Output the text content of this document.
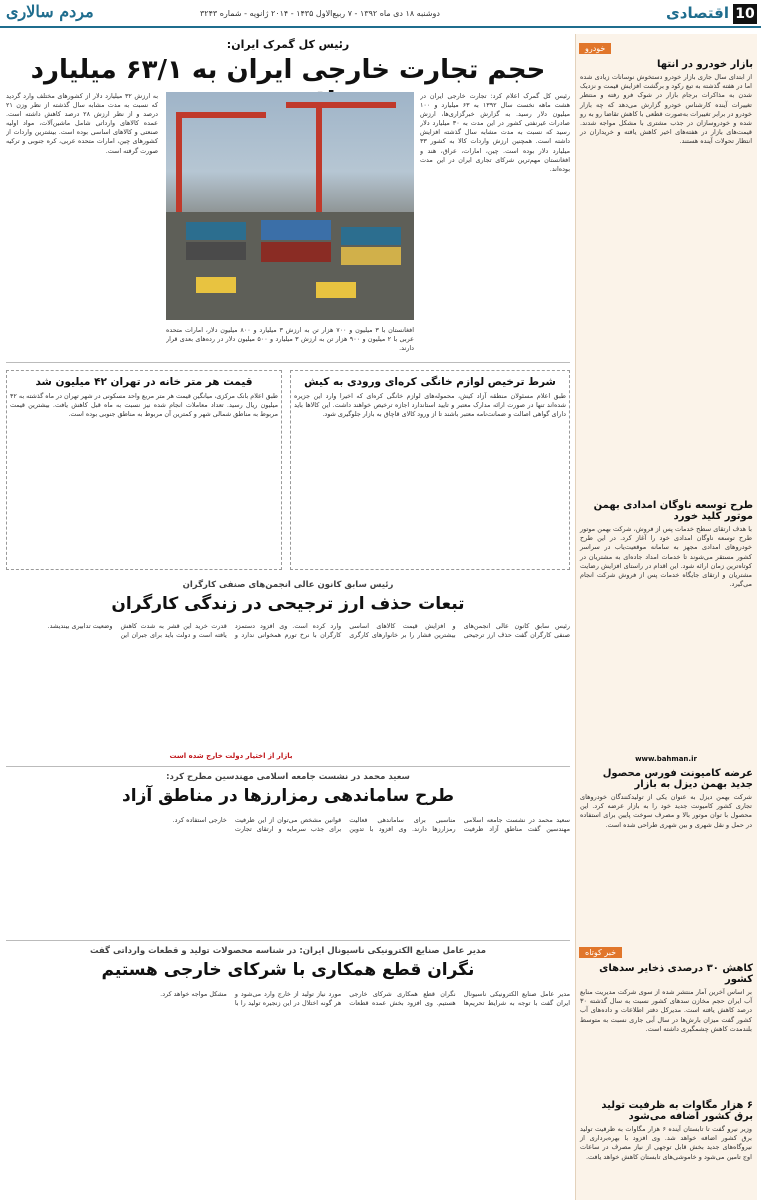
10
اقتصادی
دوشنبه ۱۸ دی ماه ۱۳۹۲ - ۷ ربیع‌الاول ۱۴۳۵ - ۲۰۱۴ ژانویه - شماره ۳۲۴۳
مردم سالاری
خودرو
بازار خودرو در انتها
از ابتدای سال جاری بازار خودرو دستخوش نوسانات زیادی شده اما در هفته گذشته به تبع رکود و برگشت افزایش قیمت و نزدیک شدن به مذاکرات برجام بازار در شوک فرو رفته و منتظر تغییرات آینده کارشناس خودرو گزارش می‌دهد که چه بازار خودرو در برابر تغییرات به‌صورت قطعی با کاهش تقاضا رو به رو شده و خودروسازان در جذب مشتری با مشکل مواجه شدند. قیمت‌های بازار در هفته‌های اخیر کاهش یافته و خریداران در انتظار تحولات آینده هستند.
طرح توسعه ناوگان امدادی بهمن موتور کلید خورد
با هدف ارتقای سطح خدمات پس از فروش، شرکت بهمن موتور طرح توسعه ناوگان امدادی خود را آغاز کرد. در این طرح خودروهای امدادی مجهز به سامانه موقعیت‌یاب در سراسر کشور مستقر می‌شوند تا خدمات امداد جاده‌ای به مشتریان در کوتاه‌ترین زمان ارائه شود. این اقدام در راستای افزایش رضایت مشتریان و ارتقای جایگاه خدمات پس از فروش شرکت انجام می‌گیرد.
www.bahman.ir
عرضه کامیونت فورس محصول جدید بهمن دیزل به بازار
شرکت بهمن دیزل به عنوان یکی از تولیدکنندگان خودروهای تجاری کشور کامیونت جدید خود را به بازار عرضه کرد. این محصول با توان موتور بالا و مصرف سوخت پایین برای استفاده در حمل و نقل شهری و بین شهری طراحی شده است.
خبر کوتاه
کاهش ۳۰ درصدی ذخایر سدهای کشور
بر اساس آخرین آمار منتشر شده از سوی شرکت مدیریت منابع آب ایران حجم مخازن سدهای کشور نسبت به سال گذشته ۳۰ درصد کاهش یافته است. مدیرکل دفتر اطلاعات و داده‌های آب کشور گفت میزان بارش‌ها در سال آبی جاری نسبت به متوسط بلندمدت کاهش چشمگیری داشته است.
۶ هزار مگاوات به ظرفیت تولید برق کشور اضافه می‌شود
وزیر نیرو گفت تا تابستان آینده ۶ هزار مگاوات به ظرفیت تولید برق کشور اضافه خواهد شد. وی افزود با بهره‌برداری از نیروگاه‌های جدید بخش قابل توجهی از نیاز مصرف در ساعات اوج تامین می‌شود و خاموشی‌های تابستان کاهش خواهد یافت.
رئیس کل گمرک ایران:
حجم تجارت خارجی ایران به ۶۳/۱ میلیارد
رئیس کل گمرک اعلام کرد: تجارت خارجی ایران در هشت ماهه نخست سال ۱۳۹۲ به ۶۳ میلیارد و ۱۰۰ میلیون دلار رسید. به گزارش خبرگزاری‌ها، ارزش صادرات غیرنفتی کشور در این مدت به ۳۰ میلیارد دلار رسید که نسبت به مدت مشابه سال گذشته افزایش داشته است. همچنین ارزش واردات کالا به کشور ۳۳ میلیارد دلار بوده است. چین، امارات، عراق، هند و افغانستان مهم‌ترین شرکای تجاری ایران در این مدت بوده‌اند.
به ارزش ۳۲ میلیارد دلار از کشورهای مختلف وارد گردید که نسبت به مدت مشابه سال گذشته از نظر وزن ۲۱ درصد و از نظر ارزش ۲۸ درصد کاهش داشته است. عمده کالاهای وارداتی شامل ماشین‌آلات، مواد اولیه صنعتی و کالاهای اساسی بوده است. بیشترین واردات از کشورهای چین، امارات متحده عربی، کره جنوبی و ترکیه صورت گرفته است.
افغانستان با ۳ میلیون و ۷۰۰ هزار تن به ارزش ۳ میلیارد و ۸۰۰ میلیون دلار، امارات متحده عربی با ۲ میلیون و ۹۰۰ هزار تن به ارزش ۳ میلیارد و ۵۰۰ میلیون دلار در رده‌های بعدی قرار دارند.
شرط ترخیص لوازم خانگی کره‌ای ورودی به کیش
طبق اعلام مسئولان منطقه آزاد کیش، محموله‌های لوازم خانگی کره‌ای که اخیرا وارد این جزیره شده‌اند تنها در صورت ارائه مدارک معتبر و تایید استاندارد اجازه ترخیص خواهند داشت. این کالاها باید دارای گواهی اصالت و ضمانت‌نامه معتبر باشند تا از ورود کالای قاچاق به بازار جلوگیری شود.
قیمت هر متر خانه در تهران ۴۲ میلیون شد
طبق اعلام بانک مرکزی، میانگین قیمت هر متر مربع واحد مسکونی در شهر تهران در ماه گذشته به ۴۲ میلیون ریال رسید. تعداد معاملات انجام شده نیز نسبت به ماه قبل کاهش یافت. بیشترین قیمت مربوط به مناطق شمالی شهر و کمترین آن مربوط به مناطق جنوبی بوده است.
رئیس سابق کانون عالی انجمن‌های صنفی کارگران
تبعات حذف ارز ترجیحی در زندگی کارگران
رئیس سابق کانون عالی انجمن‌های صنفی کارگران گفت حذف ارز ترجیحی و افزایش قیمت کالاهای اساسی بیشترین فشار را بر خانوارهای کارگری وارد کرده است. وی افزود دستمزد کارگران با نرخ تورم همخوانی ندارد و قدرت خرید این قشر به شدت کاهش یافته است و دولت باید برای جبران این وضعیت تدابیری بیندیشد.
بازار از اختیار دولت خارج شده است
سعید محمد در نشست جامعه اسلامی مهندسین مطرح کرد:
طرح ساماندهی رمزارزها در مناطق آزاد
سعید محمد در نشست جامعه اسلامی مهندسین گفت مناطق آزاد ظرفیت مناسبی برای ساماندهی فعالیت رمزارزها دارند. وی افزود با تدوین قوانین مشخص می‌توان از این ظرفیت برای جذب سرمایه و ارتقای تجارت خارجی استفاده کرد.
مدیر عامل صنایع الکترونیکی ناسیونال ایران: در شناسه محصولات تولید و قطعات وارداتی گفت
نگران قطع همکاری با شرکای خارجی هستیم
مدیر عامل صنایع الکترونیکی ناسیونال ایران گفت با توجه به شرایط تحریم‌ها نگران قطع همکاری شرکای خارجی هستیم. وی افزود بخش عمده قطعات مورد نیاز تولید از خارج وارد می‌شود و هر گونه اختلال در این زنجیره تولید را با مشکل مواجه خواهد کرد.
